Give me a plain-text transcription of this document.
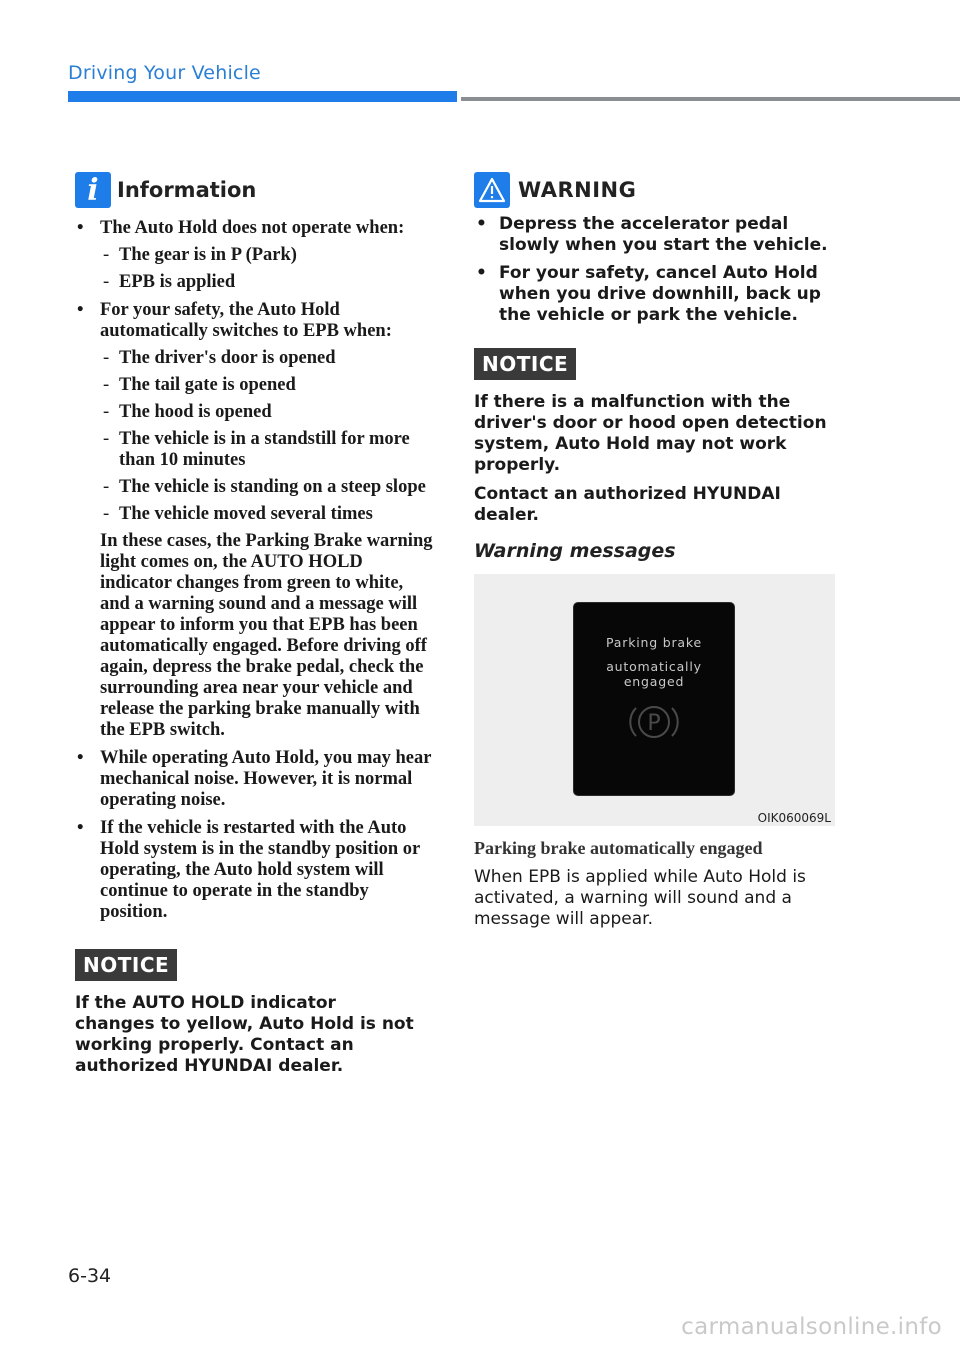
Driving Your Vehicle
i Information
• The Auto Hold does not operate when:
- The gear is in P (Park)
- EPB is applied
• For your safety, the Auto Hold automatically switches to EPB when:
- The driver's door is opened
- The tail gate is opened
- The hood is opened
- The vehicle is in a standstill for more than 10 minutes
- The vehicle is standing on a steep slope
- The vehicle moved several times

In these cases, the Parking Brake warning light comes on, the AUTO HOLD indicator changes from green to white, and a warning sound and a message will appear to inform you that EPB has been automatically engaged. Before driving off again, depress the brake pedal, check the surrounding area near your vehicle and release the parking brake manually with the EPB switch.

• While operating Auto Hold, you may hear mechanical noise. However, it is normal operating noise.
• If the vehicle is restarted with the Auto Hold system is in the standby position or operating, the Auto hold system will continue to operate in the standby position.
NOTICE

If the AUTO HOLD indicator changes to yellow, Auto Hold is not working properly. Contact an authorized HYUNDAI dealer.

WARNING
• Depress the accelerator pedal slowly when you start the vehicle.
• For your safety, cancel Auto Hold when you drive downhill, back up the vehicle or park the vehicle.
NOTICE

If there is a malfunction with the driver's door or hood open detection system, Auto Hold may not work properly.

Contact an authorized HYUNDAI dealer.

Warning messages
Parking brake
automatically engaged
P
OIK060069L
Parking brake automatically engaged

When EPB is applied while Auto Hold is activated, a warning will sound and a message will appear.

6-34
carmanualsonline.info
